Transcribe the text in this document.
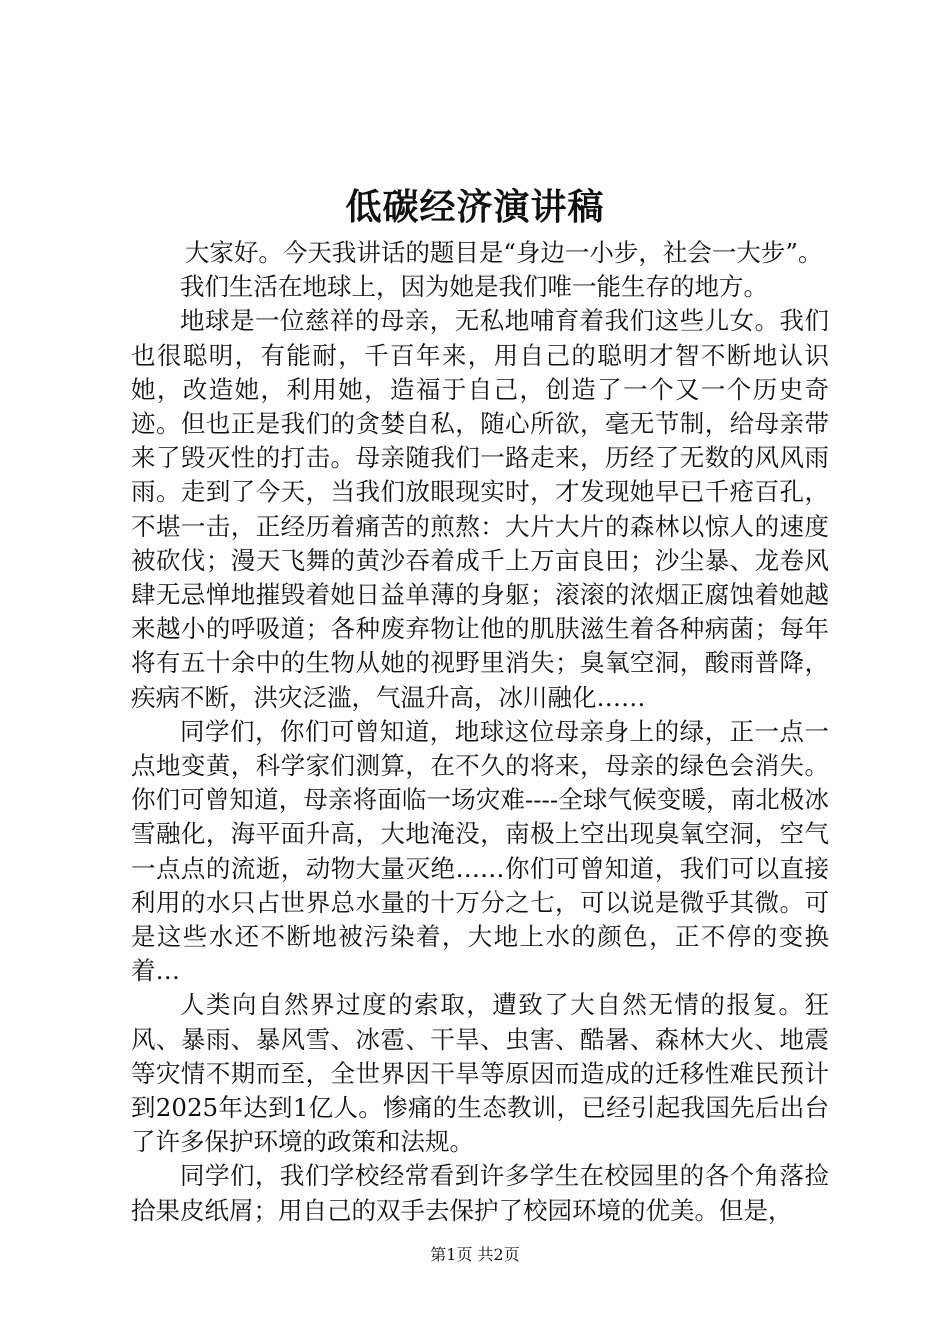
低碳经济演讲稿

大家好。今天我讲话的题目是“身边一小步，社会一大步”。

我们生活在地球上，因为她是我们唯一能生存的地方。

地球是一位慈祥的母亲，无私地哺育着我们这些儿女。我们也很聪明，有能耐，千百年来，用自己的聪明才智不断地认识她，改造她，利用她，造福于自己，创造了一个又一个历史奇迹。但也正是我们的贪婪自私，随心所欲，毫无节制，给母亲带来了毁灭性的打击。母亲随我们一路走来，历经了无数的风风雨雨。走到了今天，当我们放眼现实时，才发现她早已千疮百孔，不堪一击，正经历着痛苦的煎熬：大片大片的森林以惊人的速度被砍伐；漫天飞舞的黄沙吞着成千上万亩良田；沙尘暴、龙卷风肆无忌惮地摧毁着她日益单薄的身躯；滚滚的浓烟正腐蚀着她越来越小的呼吸道；各种废弃物让他的肌肤滋生着各种病菌；每年将有五十余中的生物从她的视野里消失；臭氧空洞，酸雨普降，疾病不断，洪灾泛滥，气温升高，冰川融化……

同学们，你们可曾知道，地球这位母亲身上的绿，正一点一点地变黄，科学家们测算，在不久的将来，母亲的绿色会消失。你们可曾知道，母亲将面临一场灾难----全球气候变暖，南北极冰雪融化，海平面升高，大地淹没，南极上空出现臭氧空洞，空气一点点的流逝，动物大量灭绝……你们可曾知道，我们可以直接利用的水只占世界总水量的十万分之七，可以说是微乎其微。可是这些水还不断地被污染着，大地上水的颜色，正不停的变换着…

人类向自然界过度的索取，遭致了大自然无情的报复。狂风、暴雨、暴风雪、冰雹、干旱、虫害、酷暑、森林大火、地震等灾情不期而至，全世界因干旱等原因而造成的迁移性难民预计到2025年达到1亿人。惨痛的生态教训，已经引起我国先后出台了许多保护环境的政策和法规。

同学们，我们学校经常看到许多学生在校园里的各个角落捡拾果皮纸屑；用自己的双手去保护了校园环境的优美。但是，

第1页 共2页
